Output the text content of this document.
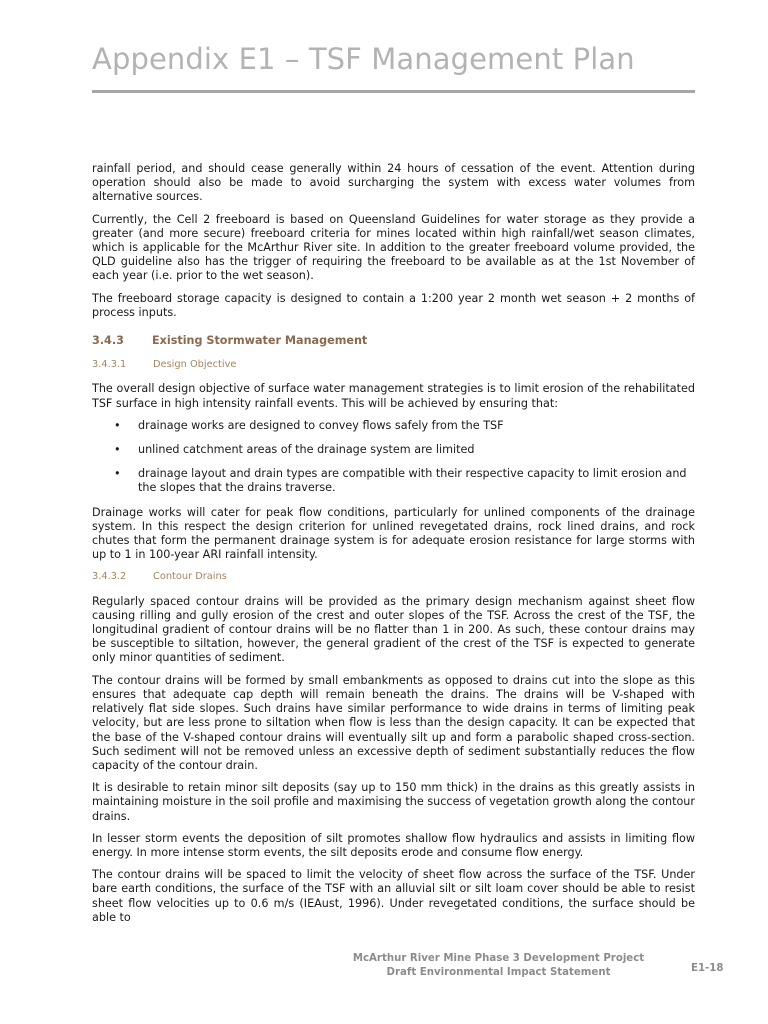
Appendix E1 – TSF Management Plan

rainfall period, and should cease generally within 24 hours of cessation of the event. Attention during operation should also be made to avoid surcharging the system with excess water volumes from alternative sources.

Currently, the Cell 2 freeboard is based on Queensland Guidelines for water storage as they provide a greater (and more secure) freeboard criteria for mines located within high rainfall/wet season climates, which is applicable for the McArthur River site. In addition to the greater freeboard volume provided, the QLD guideline also has the trigger of requiring the freeboard to be available as at the 1st November of each year (i.e. prior to the wet season).

The freeboard storage capacity is designed to contain a 1:200 year 2 month wet season + 2 months of process inputs.

3.4.3	Existing Stormwater Management
3.4.3.1	Design Objective

The overall design objective of surface water management strategies is to limit erosion of the rehabilitated TSF surface in high intensity rainfall events. This will be achieved by ensuring that:

• drainage works are designed to convey flows safely from the TSF
• unlined catchment areas of the drainage system are limited
• drainage layout and drain types are compatible with their respective capacity to limit erosion and the slopes that the drains traverse.

Drainage works will cater for peak flow conditions, particularly for unlined components of the drainage system. In this respect the design criterion for unlined revegetated drains, rock lined drains, and rock chutes that form the permanent drainage system is for adequate erosion resistance for large storms with up to 1 in 100-year ARI rainfall intensity.

3.4.3.2	Contour Drains

Regularly spaced contour drains will be provided as the primary design mechanism against sheet flow causing rilling and gully erosion of the crest and outer slopes of the TSF. Across the crest of the TSF, the longitudinal gradient of contour drains will be no flatter than 1 in 200. As such, these contour drains may be susceptible to siltation, however, the general gradient of the crest of the TSF is expected to generate only minor quantities of sediment.

The contour drains will be formed by small embankments as opposed to drains cut into the slope as this ensures that adequate cap depth will remain beneath the drains. The drains will be V-shaped with relatively flat side slopes. Such drains have similar performance to wide drains in terms of limiting peak velocity, but are less prone to siltation when flow is less than the design capacity. It can be expected that the base of the V-shaped contour drains will eventually silt up and form a parabolic shaped cross-section. Such sediment will not be removed unless an excessive depth of sediment substantially reduces the flow capacity of the contour drain.

It is desirable to retain minor silt deposits (say up to 150 mm thick) in the drains as this greatly assists in maintaining moisture in the soil profile and maximising the success of vegetation growth along the contour drains.

In lesser storm events the deposition of silt promotes shallow flow hydraulics and assists in limiting flow energy. In more intense storm events, the silt deposits erode and consume flow energy.

The contour drains will be spaced to limit the velocity of sheet flow across the surface of the TSF. Under bare earth conditions, the surface of the TSF with an alluvial silt or silt loam cover should be able to resist sheet flow velocities up to 0.6 m/s (IEAust, 1996). Under revegetated conditions, the surface should be able to

McArthur River Mine Phase 3 Development Project
Draft Environmental Impact Statement	E1-18
